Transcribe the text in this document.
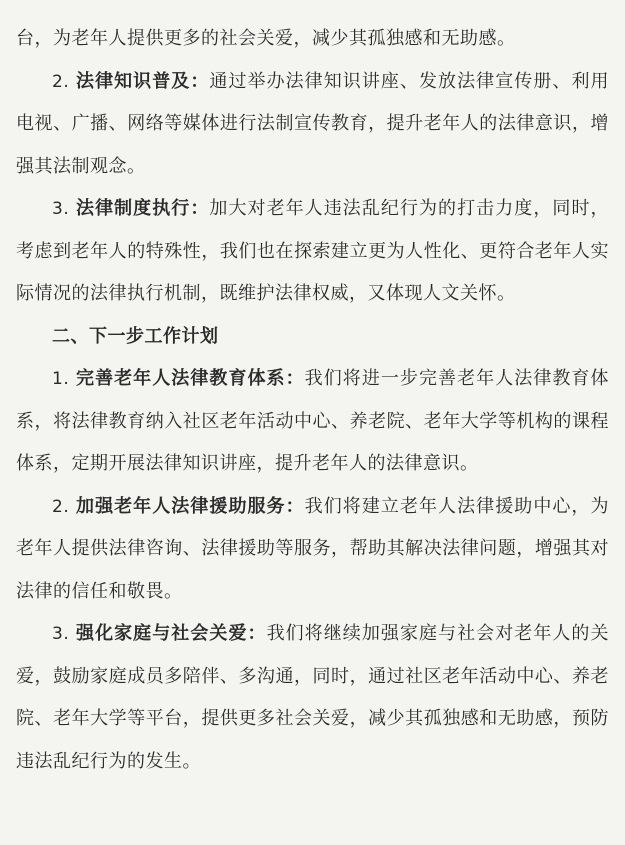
台，为老年人提供更多的社会关爱，减少其孤独感和无助感。

2. 法律知识普及：通过举办法律知识讲座、发放法律宣传册、利用电视、广播、网络等媒体进行法制宣传教育，提升老年人的法律意识，增强其法制观念。

3. 法律制度执行：加大对老年人违法乱纪行为的打击力度，同时，考虑到老年人的特殊性，我们也在探索建立更为人性化、更符合老年人实际情况的法律执行机制，既维护法律权威，又体现人文关怀。

二、下一步工作计划

1. 完善老年人法律教育体系：我们将进一步完善老年人法律教育体系，将法律教育纳入社区老年活动中心、养老院、老年大学等机构的课程体系，定期开展法律知识讲座，提升老年人的法律意识。

2. 加强老年人法律援助服务：我们将建立老年人法律援助中心，为老年人提供法律咨询、法律援助等服务，帮助其解决法律问题，增强其对法律的信任和敬畏。

3. 强化家庭与社会关爱：我们将继续加强家庭与社会对老年人的关爱，鼓励家庭成员多陪伴、多沟通，同时，通过社区老年活动中心、养老院、老年大学等平台，提供更多社会关爱，减少其孤独感和无助感，预防违法乱纪行为的发生。
